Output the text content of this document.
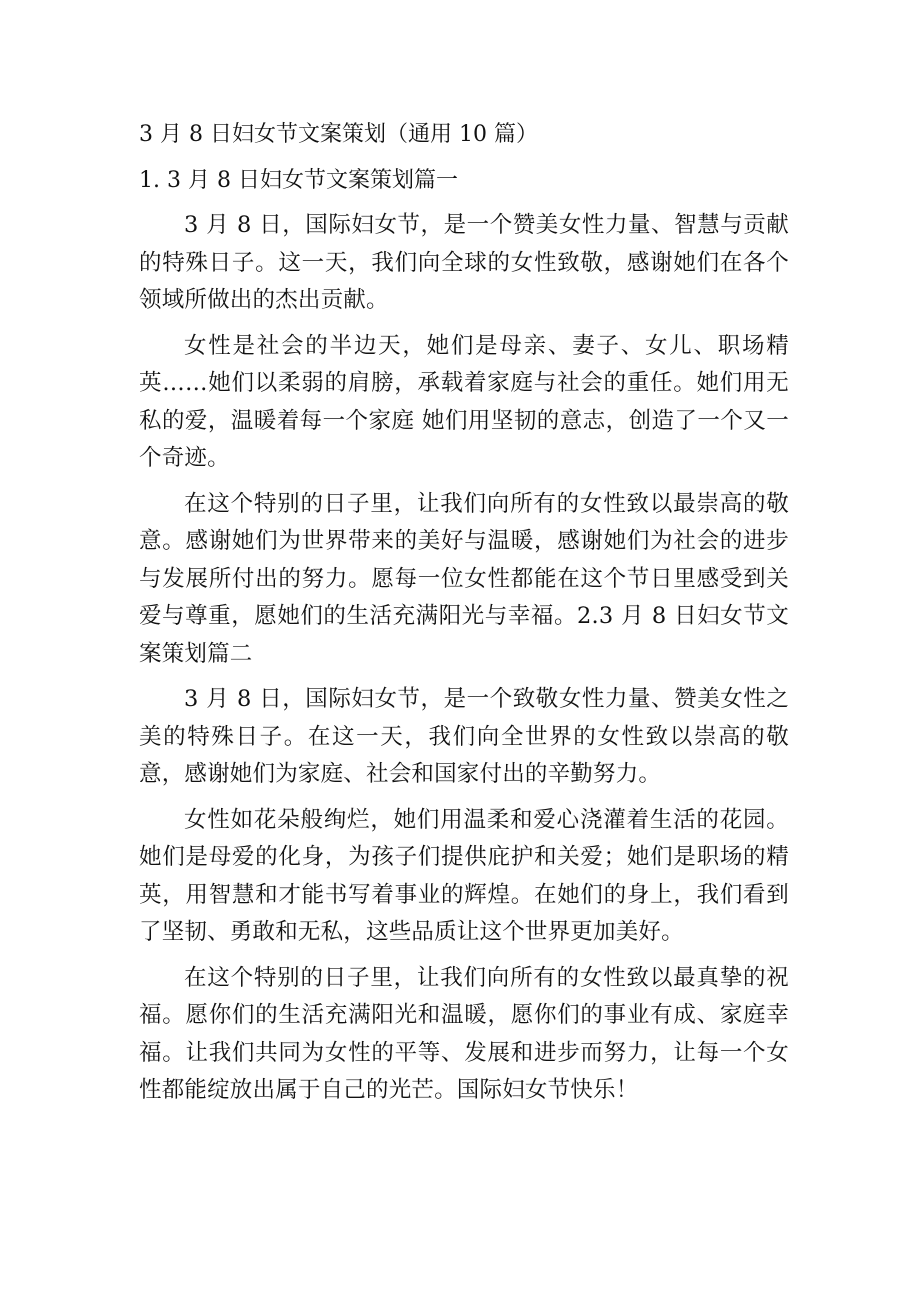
3 月 8 日妇女节文案策划（通用 10 篇）
1. 3 月 8 日妇女节文案策划篇一

3 月 8 日，国际妇女节，是一个赞美女性力量、智慧与贡献的特殊日子。这一天，我们向全球的女性致敬，感谢她们在各个领域所做出的杰出贡献。

女性是社会的半边天，她们是母亲、妻子、女儿、职场精英……她们以柔弱的肩膀，承载着家庭与社会的重任。她们用无私的爱，温暖着每一个家庭 她们用坚韧的意志，创造了一个又一个奇迹。

在这个特别的日子里，让我们向所有的女性致以最崇高的敬意。感谢她们为世界带来的美好与温暖，感谢她们为社会的进步与发展所付出的努力。愿每一位女性都能在这个节日里感受到关爱与尊重，愿她们的生活充满阳光与幸福。2.3 月 8 日妇女节文案策划篇二

3 月 8 日，国际妇女节，是一个致敬女性力量、赞美女性之美的特殊日子。在这一天，我们向全世界的女性致以崇高的敬意，感谢她们为家庭、社会和国家付出的辛勤努力。

女性如花朵般绚烂，她们用温柔和爱心浇灌着生活的花园。她们是母爱的化身，为孩子们提供庇护和关爱；她们是职场的精英，用智慧和才能书写着事业的辉煌。在她们的身上，我们看到了坚韧、勇敢和无私，这些品质让这个世界更加美好。

在这个特别的日子里，让我们向所有的女性致以最真挚的祝福。愿你们的生活充满阳光和温暖，愿你们的事业有成、家庭幸福。让我们共同为女性的平等、发展和进步而努力，让每一个女性都能绽放出属于自己的光芒。国际妇女节快乐！
